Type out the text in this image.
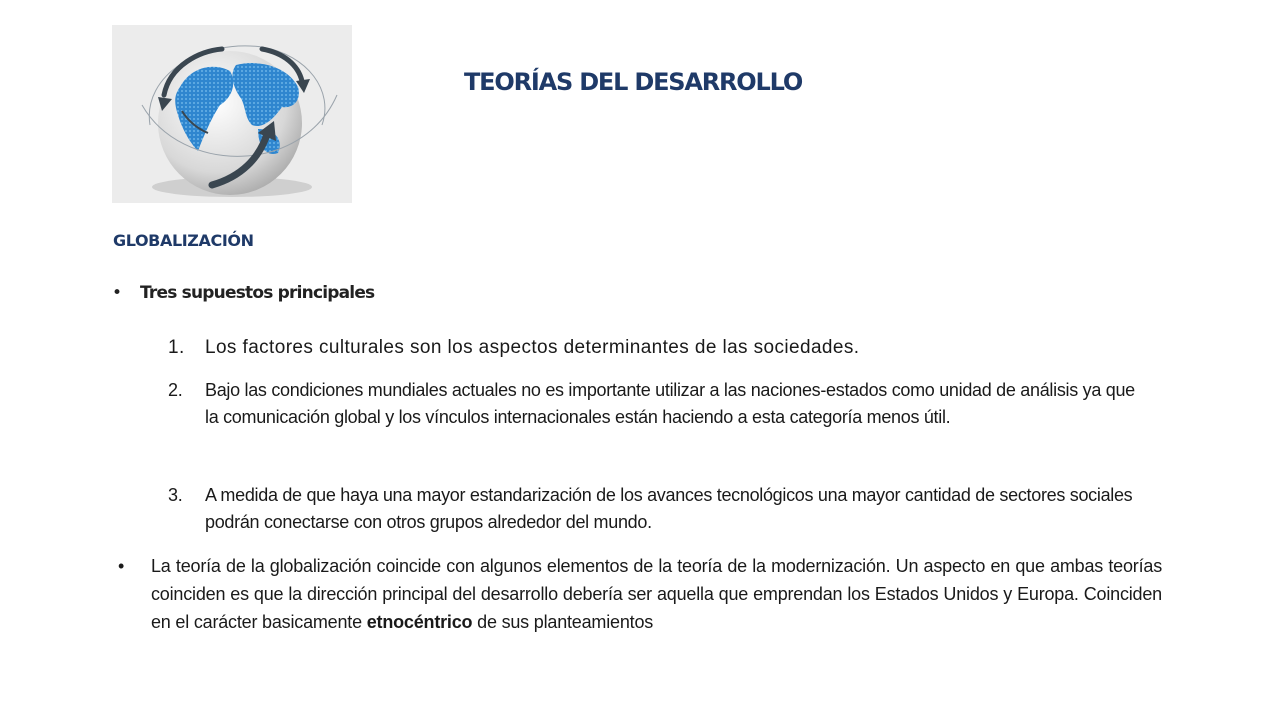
TEORÍAS DEL DESARROLLO
GLOBALIZACIÓN
• Tres supuestos principales
1.	Los factores culturales son los aspectos determinantes de las sociedades.
2.	Bajo las condiciones mundiales actuales no es importante utilizar a las naciones-estados como unidad de análisis ya que la comunicación global y los vínculos internacionales están haciendo a esta categoría menos útil.
3.	A medida de que haya una mayor estandarización de los avances tecnológicos una mayor cantidad de sectores sociales podrán conectarse con otros grupos alrededor del mundo.
• La teoría de la globalización coincide con algunos elementos de la teoría de la modernización. Un aspecto en que ambas teorías coinciden es que la dirección principal del desarrollo debería ser aquella que emprendan los Estados Unidos y Europa. Coinciden en el carácter basicamente etnocéntrico de sus planteamientos
